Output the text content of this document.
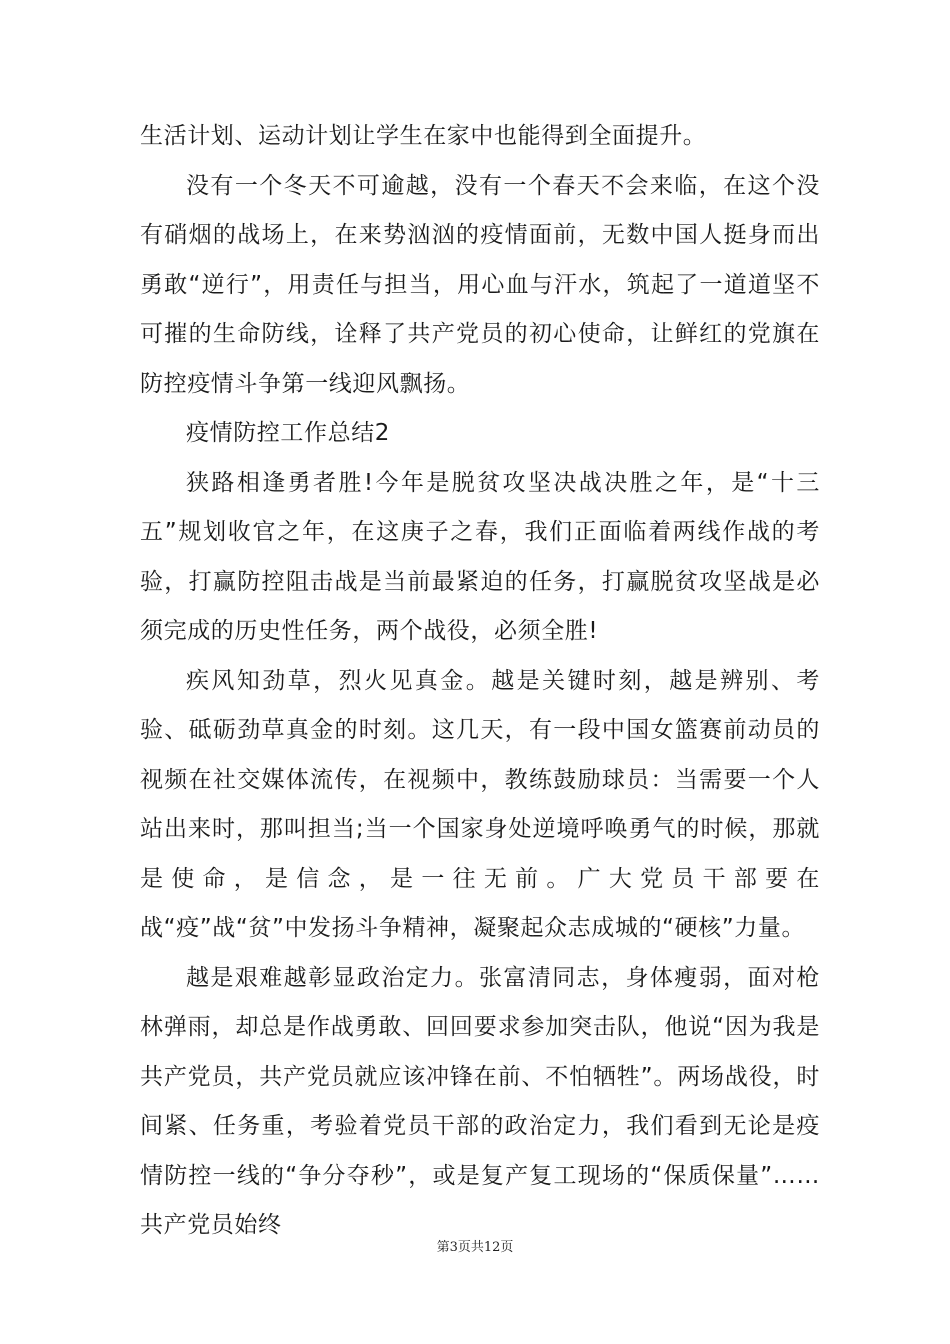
生活计划、运动计划让学生在家中也能得到全面提升。

没有一个冬天不可逾越，没有一个春天不会来临，在这个没有硝烟的战场上，在来势汹汹的疫情面前，无数中国人挺身而出勇敢“逆行”，用责任与担当，用心血与汗水，筑起了一道道坚不可摧的生命防线，诠释了共产党员的初心使命，让鲜红的党旗在防控疫情斗争第一线迎风飘扬。

疫情防控工作总结2

狭路相逢勇者胜!今年是脱贫攻坚决战决胜之年，是“十三五”规划收官之年，在这庚子之春，我们正面临着两线作战的考验，打赢防控阻击战是当前最紧迫的任务，打赢脱贫攻坚战是必须完成的历史性任务，两个战役，必须全胜!

疾风知劲草，烈火见真金。越是关键时刻，越是辨别、考验、砥砺劲草真金的时刻。这几天，有一段中国女篮赛前动员的视频在社交媒体流传，在视频中，教练鼓励球员：当需要一个人站出来时，那叫担当;当一个国家身处逆境呼唤勇气的时候，那就是使命，是信念，是一往无前。广大党员干部要在战“疫”战“贫”中发扬斗争精神，凝聚起众志成城的“硬核”力量。

越是艰难越彰显政治定力。张富清同志，身体瘦弱，面对枪林弹雨，却总是作战勇敢、回回要求参加突击队，他说“因为我是共产党员，共产党员就应该冲锋在前、不怕牺牲”。两场战役，时间紧、任务重，考验着党员干部的政治定力，我们看到无论是疫情防控一线的“争分夺秒”，或是复产复工现场的“保质保量”……共产党员始终

第3页共12页
